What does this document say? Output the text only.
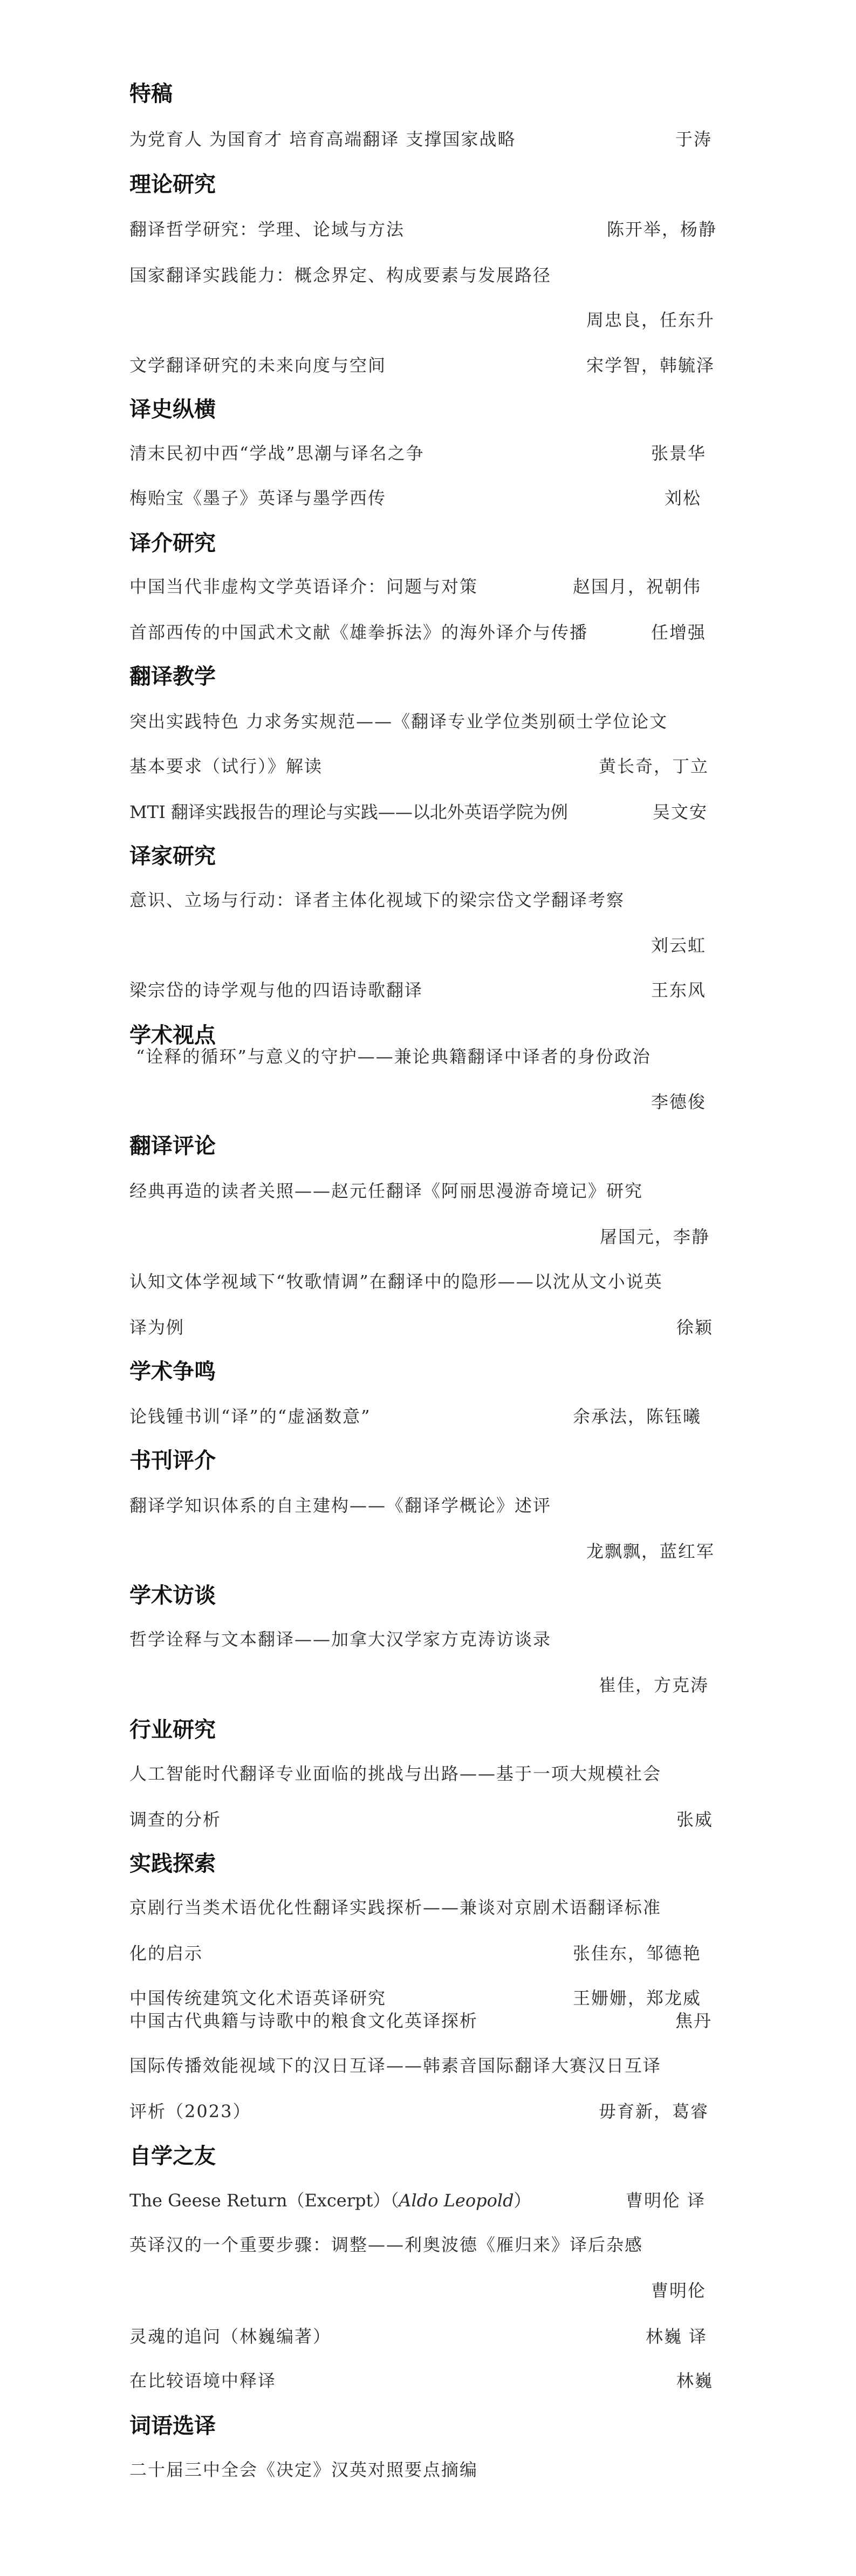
特稿
为党育人 为国育才 培育高端翻译 支撑国家战略	于涛
理论研究
翻译哲学研究：学理、论域与方法	陈开举，杨静
国家翻译实践能力：概念界定、构成要素与发展路径
周忠良，任东升
文学翻译研究的未来向度与空间	宋学智，韩毓泽
译史纵横
清末民初中西“学战”思潮与译名之争	张景华
梅贻宝《墨子》英译与墨学西传	刘松
译介研究
中国当代非虚构文学英语译介：问题与对策	赵国月，祝朝伟
首部西传的中国武术文献《雄拳拆法》的海外译介与传播	任增强
翻译教学
突出实践特色 力求务实规范——《翻译专业学位类别硕士学位论文
基本要求（试行）》解读	黄长奇，丁立
MTI 翻译实践报告的理论与实践——以北外英语学院为例	吴文安
译家研究
意识、立场与行动：译者主体化视域下的梁宗岱文学翻译考察
刘云虹
梁宗岱的诗学观与他的四语诗歌翻译	王东风
学术视点
“诠释的循环”与意义的守护——兼论典籍翻译中译者的身份政治
李德俊
翻译评论
经典再造的读者关照——赵元任翻译《阿丽思漫游奇境记》研究
屠国元，李静
认知文体学视域下“牧歌情调”在翻译中的隐形——以沈从文小说英
译为例	徐颖
学术争鸣
论钱锺书训“译”的“虚涵数意”	余承法，陈钰曦
书刊评介
翻译学知识体系的自主建构——《翻译学概论》述评
龙飘飘，蓝红军
学术访谈
哲学诠释与文本翻译——加拿大汉学家方克涛访谈录
崔佳，方克涛
行业研究
人工智能时代翻译专业面临的挑战与出路——基于一项大规模社会
调查的分析	张威
实践探索
京剧行当类术语优化性翻译实践探析——兼谈对京剧术语翻译标准
化的启示	张佳东，邹德艳
中国传统建筑文化术语英译研究	王姗姗，郑龙威
中国古代典籍与诗歌中的粮食文化英译探析	焦丹
国际传播效能视域下的汉日互译——韩素音国际翻译大赛汉日互译
评析（2023）	毋育新，葛睿
自学之友
The Geese Return（Excerpt）（Aldo Leopold）	曹明伦 译
英译汉的一个重要步骤：调整——利奥波德《雁归来》译后杂感
曹明伦
灵魂的追问（林巍编著）	林巍 译
在比较语境中释译	林巍
词语选译
二十届三中全会《决定》汉英对照要点摘编
